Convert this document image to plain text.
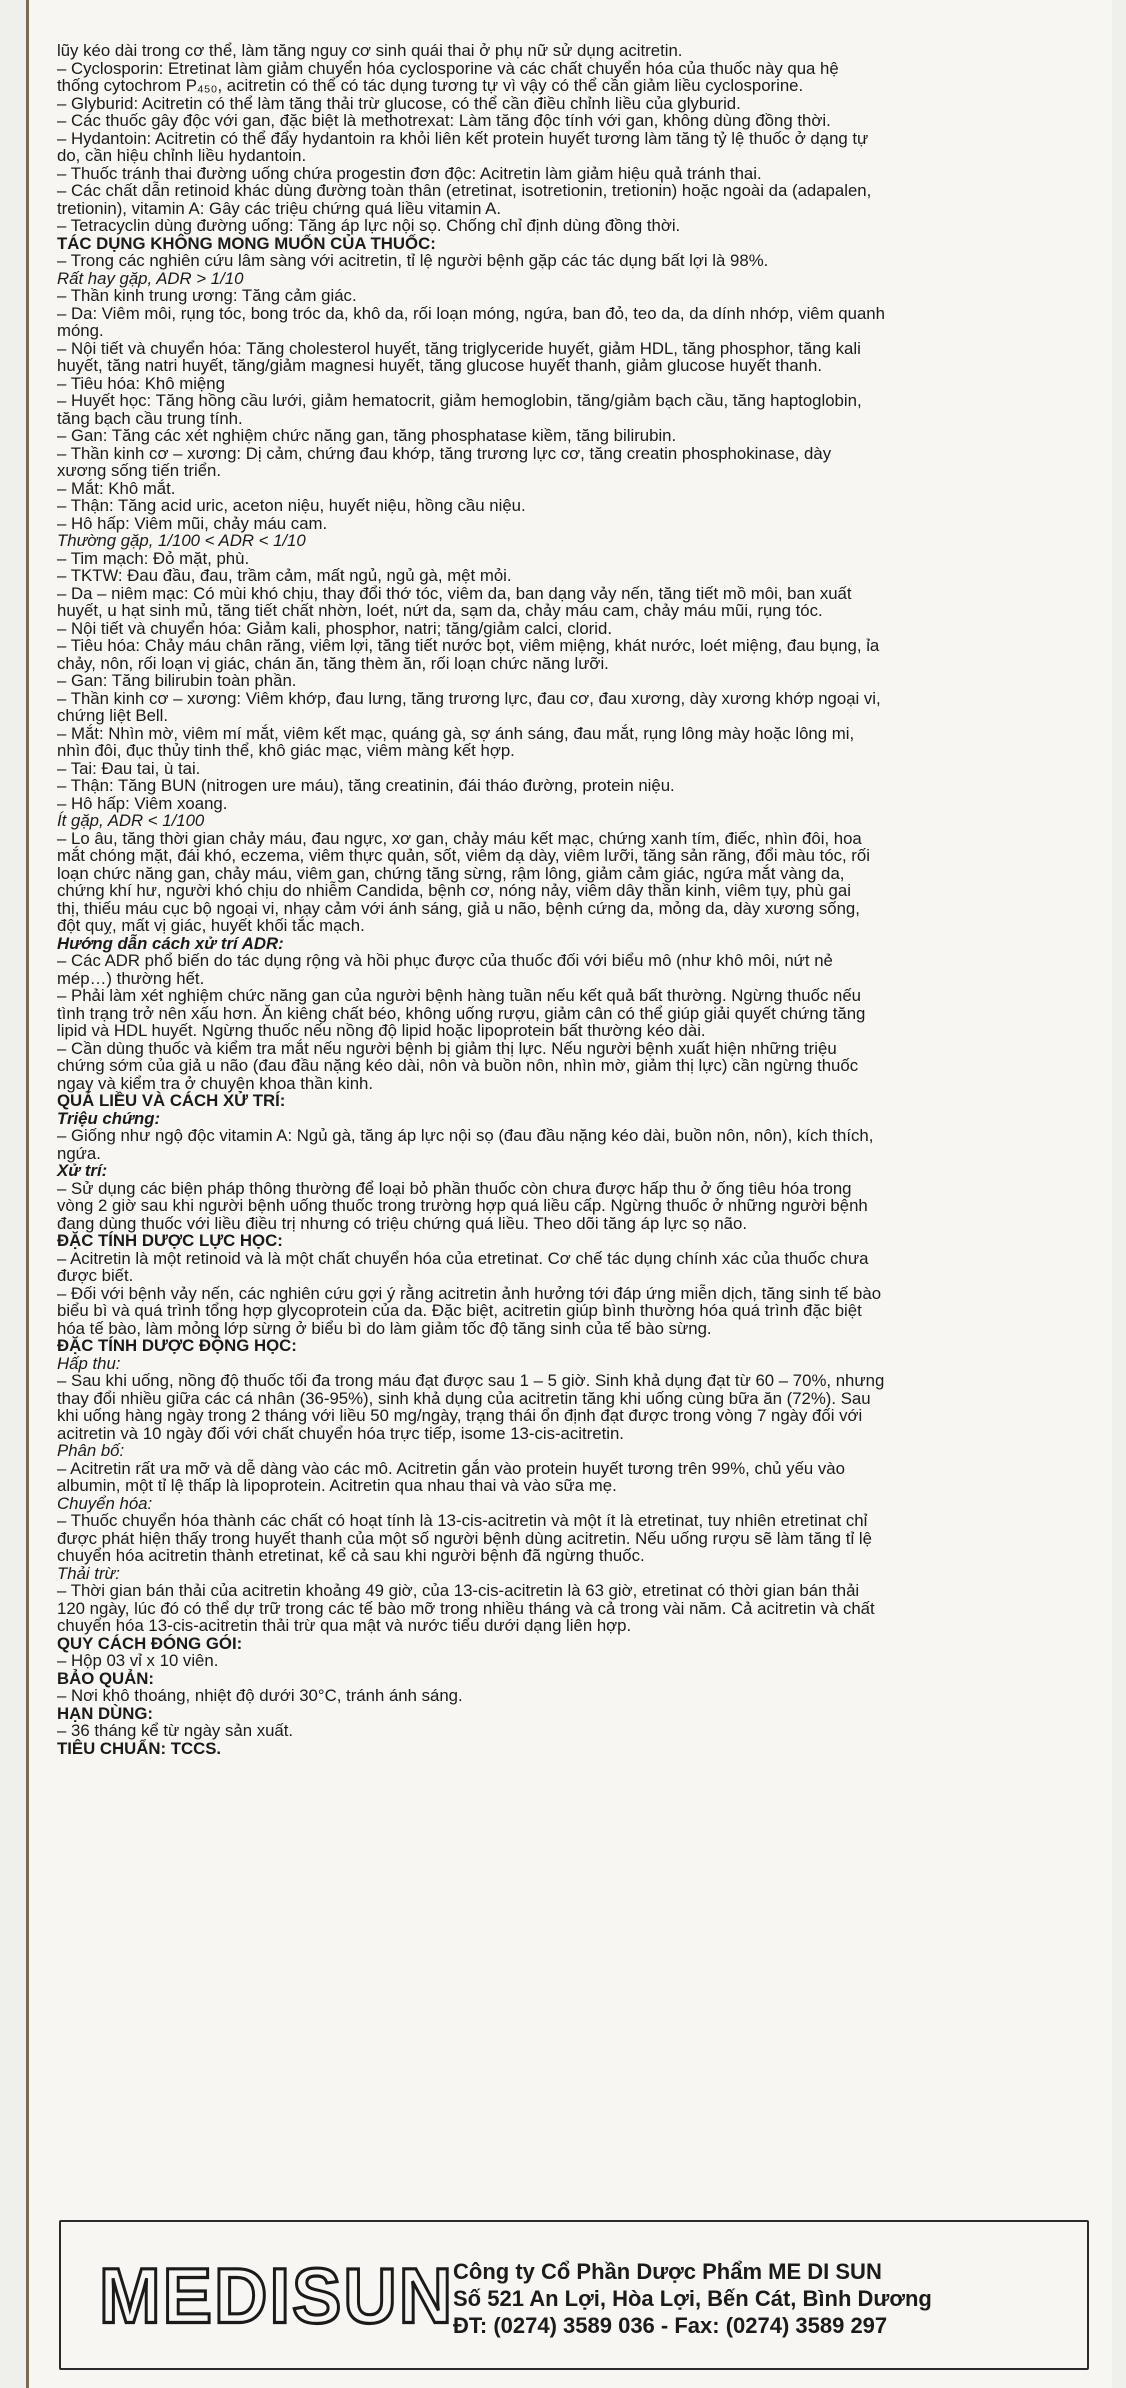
lũy kéo dài trong cơ thể, làm tăng nguy cơ sinh quái thai ở phụ nữ sử dụng acitretin.
– Cyclosporin: Etretinat làm giảm chuyển hóa cyclosporine và các chất chuyển hóa của thuốc này qua hệ
thống cytochrom P₄₅₀, acitretin có thể có tác dụng tương tự vì vậy có thể cần giảm liều cyclosporine.
– Glyburid: Acitretin có thể làm tăng thải trừ glucose, có thể cần điều chỉnh liều của glyburid.
– Các thuốc gây độc với gan, đặc biệt là methotrexat: Làm tăng độc tính với gan, không dùng đồng thời.
– Hydantoin: Acitretin có thể đẩy hydantoin ra khỏi liên kết protein huyết tương làm tăng tỷ lệ thuốc ở dạng tự
do, cần hiệu chỉnh liều hydantoin.
– Thuốc tránh thai đường uống chứa progestin đơn độc: Acitretin làm giảm hiệu quả tránh thai.
– Các chất dẫn retinoid khác dùng đường toàn thân (etretinat, isotretionin, tretionin) hoặc ngoài da (adapalen,
tretionin), vitamin A: Gây các triệu chứng quá liều vitamin A.
– Tetracyclin dùng đường uống: Tăng áp lực nội sọ. Chống chỉ định dùng đồng thời.
TÁC DỤNG KHÔNG MONG MUỐN CỦA THUỐC:
– Trong các nghiên cứu lâm sàng với acitretin, tỉ lệ người bệnh gặp các tác dụng bất lợi là 98%.
Rất hay gặp, ADR > 1/10
– Thần kinh trung ương: Tăng cảm giác.
– Da: Viêm môi, rụng tóc, bong tróc da, khô da, rối loạn móng, ngứa, ban đỏ, teo da, da dính nhớp, viêm quanh
móng.
– Nội tiết và chuyển hóa: Tăng cholesterol huyết, tăng triglyceride huyết, giảm HDL, tăng phosphor, tăng kali
huyết, tăng natri huyết, tăng/giảm magnesi huyết, tăng glucose huyết thanh, giảm glucose huyết thanh.
– Tiêu hóa: Khô miệng
– Huyết học: Tăng hồng cầu lưới, giảm hematocrit, giảm hemoglobin, tăng/giảm bạch cầu, tăng haptoglobin,
tăng bạch cầu trung tính.
– Gan: Tăng các xét nghiệm chức năng gan, tăng phosphatase kiềm, tăng bilirubin.
– Thần kinh cơ – xương: Dị cảm, chứng đau khớp, tăng trương lực cơ, tăng creatin phosphokinase, dày
xương sống tiến triển.
– Mắt: Khô mắt.
– Thận: Tăng acid uric, aceton niệu, huyết niệu, hồng cầu niệu.
– Hô hấp: Viêm mũi, chảy máu cam.
Thường gặp, 1/100 < ADR < 1/10
– Tim mạch: Đỏ mặt, phù.
– TKTW: Đau đầu, đau, trầm cảm, mất ngủ, ngủ gà, mệt mỏi.
– Da – niêm mạc: Có mùi khó chịu, thay đổi thớ tóc, viêm da, ban dạng vảy nến, tăng tiết mồ môi, ban xuất
huyết, u hạt sinh mủ, tăng tiết chất nhờn, loét, nứt da, sạm da, chảy máu cam, chảy máu mũi, rụng tóc.
– Nội tiết và chuyển hóa: Giảm kali, phosphor, natri; tăng/giảm calci, clorid.
– Tiêu hóa: Chảy máu chân răng, viêm lợi, tăng tiết nước bọt, viêm miệng, khát nước, loét miệng, đau bụng, ỉa
chảy, nôn, rối loạn vị giác, chán ăn, tăng thèm ăn, rối loạn chức năng lưỡi.
– Gan: Tăng bilirubin toàn phần.
– Thần kinh cơ – xương: Viêm khớp, đau lưng, tăng trương lực, đau cơ, đau xương, dày xương khớp ngoại vi,
chứng liệt Bell.
– Mắt: Nhìn mờ, viêm mí mắt, viêm kết mạc, quáng gà, sợ ánh sáng, đau mắt, rụng lông mày hoặc lông mi,
nhìn đôi, đục thủy tinh thể, khô giác mạc, viêm màng kết hợp.
– Tai: Đau tai, ù tai.
– Thận: Tăng BUN (nitrogen ure máu), tăng creatinin, đái tháo đường, protein niệu.
– Hô hấp: Viêm xoang.
Ít gặp, ADR < 1/100
– Lo âu, tăng thời gian chảy máu, đau ngực, xơ gan, chảy máu kết mạc, chứng xanh tím, điếc, nhìn đôi, hoa
mắt chóng mặt, đái khó, eczema, viêm thực quản, sốt, viêm dạ dày, viêm lưỡi, tăng sản răng, đổi màu tóc, rối
loạn chức năng gan, chảy máu, viêm gan, chứng tăng sừng, rậm lông, giảm cảm giác, ngứa mắt vàng da,
chứng khí hư, người khó chịu do nhiễm Candida, bệnh cơ, nóng nảy, viêm dây thần kinh, viêm tụy, phù gai
thị, thiếu máu cục bộ ngoại vi, nhạy cảm với ánh sáng, giả u não, bệnh cứng da, mỏng da, dày xương sống,
đột quỵ, mất vị giác, huyết khối tắc mạch.
Hướng dẫn cách xử trí ADR:
– Các ADR phổ biến do tác dụng rộng và hồi phục được của thuốc đối với biểu mô (như khô môi, nứt nẻ
mép…) thường hết.
– Phải làm xét nghiệm chức năng gan của người bệnh hàng tuần nếu kết quả bất thường. Ngừng thuốc nếu
tình trạng trở nên xấu hơn. Ăn kiêng chất béo, không uống rượu, giảm cân có thể giúp giải quyết chứng tăng
lipid và HDL huyết. Ngừng thuốc nếu nồng độ lipid hoặc lipoprotein bất thường kéo dài.
– Cần dùng thuốc và kiểm tra mắt nếu người bệnh bị giảm thị lực. Nếu người bệnh xuất hiện những triệu
chứng sớm của giả u não (đau đầu nặng kéo dài, nôn và buồn nôn, nhìn mờ, giảm thị lực) cần ngừng thuốc
ngay và kiểm tra ở chuyên khoa thần kinh.
QUÁ LIỀU VÀ CÁCH XỬ TRÍ:
Triệu chứng:
– Giống như ngộ độc vitamin A: Ngủ gà, tăng áp lực nội sọ (đau đầu nặng kéo dài, buồn nôn, nôn), kích thích,
ngứa.
Xử trí:
– Sử dụng các biện pháp thông thường để loại bỏ phần thuốc còn chưa được hấp thu ở ống tiêu hóa trong
vòng 2 giờ sau khi người bệnh uống thuốc trong trường hợp quá liều cấp. Ngừng thuốc ở những người bệnh
đang dùng thuốc với liều điều trị nhưng có triệu chứng quá liều. Theo dõi tăng áp lực sọ não.
ĐẶC TÍNH DƯỢC LỰC HỌC:
– Acitretin là một retinoid và là một chất chuyển hóa của etretinat. Cơ chế tác dụng chính xác của thuốc chưa
được biết.
– Đối với bệnh vảy nến, các nghiên cứu gợi ý rằng acitretin ảnh hưởng tới đáp ứng miễn dịch, tăng sinh tế bào
biểu bì và quá trình tổng hợp glycoprotein của da. Đặc biệt, acitretin giúp bình thường hóa quá trình đặc biệt
hóa tế bào, làm mỏng lớp sừng ở biểu bì do làm giảm tốc độ tăng sinh của tế bào sừng.
ĐẶC TÍNH DƯỢC ĐỘNG HỌC:
Hấp thu:
– Sau khi uống, nồng độ thuốc tối đa trong máu đạt được sau 1 – 5 giờ. Sinh khả dụng đạt từ 60 – 70%, nhưng
thay đổi nhiều giữa các cá nhân (36-95%), sinh khả dụng của acitretin tăng khi uống cùng bữa ăn (72%). Sau
khi uống hàng ngày trong 2 tháng với liều 50 mg/ngày, trạng thái ổn định đạt được trong vòng 7 ngày đối với
acitretin và 10 ngày đối với chất chuyển hóa trực tiếp, isome 13-cis-acitretin.
Phân bố:
– Acitretin rất ưa mỡ và dễ dàng vào các mô. Acitretin gắn vào protein huyết tương trên 99%, chủ yếu vào
albumin, một tỉ lệ thấp là lipoprotein. Acitretin qua nhau thai và vào sữa mẹ.
Chuyển hóa:
– Thuốc chuyển hóa thành các chất có hoạt tính là 13-cis-acitretin và một ít là etretinat, tuy nhiên etretinat chỉ
được phát hiện thấy trong huyết thanh của một số người bệnh dùng acitretin. Nếu uống rượu sẽ làm tăng tỉ lệ
chuyển hóa acitretin thành etretinat, kể cả sau khi người bệnh đã ngừng thuốc.
Thải trừ:
– Thời gian bán thải của acitretin khoảng 49 giờ, của 13-cis-acitretin là 63 giờ, etretinat có thời gian bán thải
120 ngày, lúc đó có thể dự trữ trong các tế bào mỡ trong nhiều tháng và cả trong vài năm. Cả acitretin và chất
chuyển hóa 13-cis-acitretin thải trừ qua mật và nước tiểu dưới dạng liên hợp.
QUY CÁCH ĐÓNG GÓI:
– Hộp 03 vỉ x 10 viên.
BẢO QUẢN:
– Nơi khô thoáng, nhiệt độ dưới 30°C, tránh ánh sáng.
HẠN DÙNG:
– 36 tháng kể từ ngày sản xuất.
TIÊU CHUẨN: TCCS.
MEDISUN
Công ty Cổ Phần Dược Phẩm ME DI SUN
Số 521 An Lợi, Hòa Lợi, Bến Cát, Bình Dương
ĐT: (0274) 3589 036 - Fax: (0274) 3589 297
